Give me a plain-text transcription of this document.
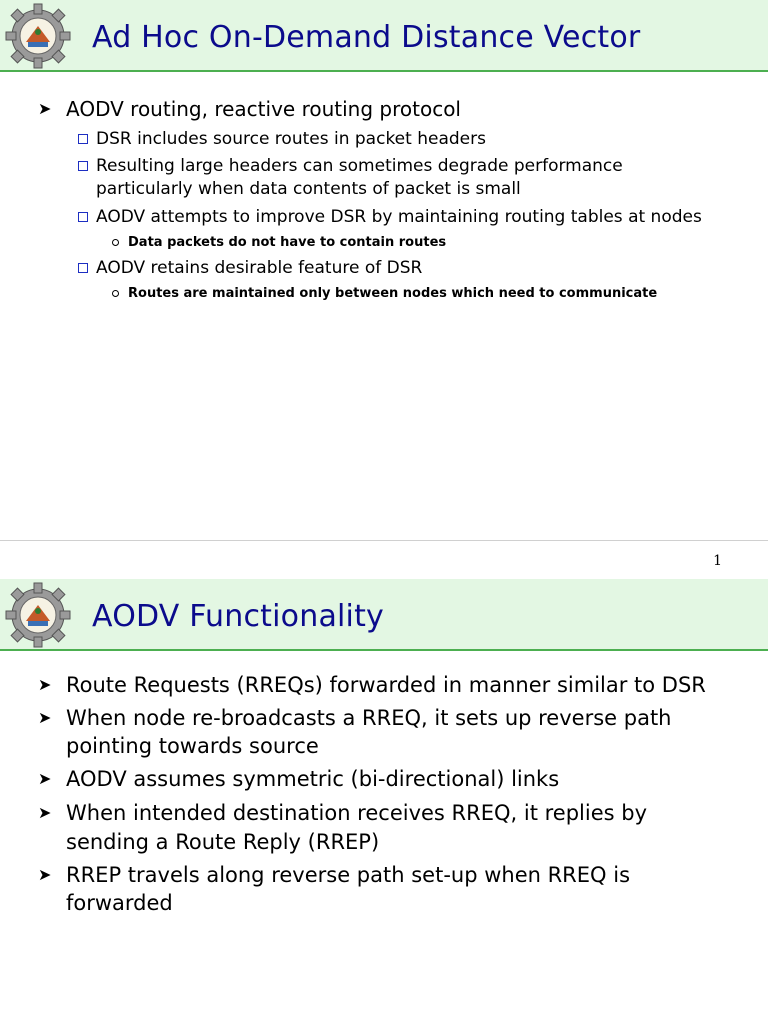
Ad Hoc On-Demand Distance Vector
➤ AODV routing, reactive routing protocol
DSR includes source routes in packet headers
Resulting large headers can sometimes degrade performance
particularly when data contents of packet is small
AODV attempts to improve DSR by maintaining routing tables at nodes
Data packets do not have to contain routes
AODV retains desirable feature of DSR
Routes are maintained only between nodes which need to communicate
1
AODV Functionality
➤ Route Requests (RREQs) forwarded in manner similar to DSR
➤ When node re-broadcasts a RREQ, it sets up reverse path
pointing towards source
➤ AODV assumes symmetric (bi-directional) links
➤ When intended destination receives RREQ, it replies by
sending a Route Reply (RREP)
➤ RREP travels along reverse path set-up when RREQ is
forwarded
